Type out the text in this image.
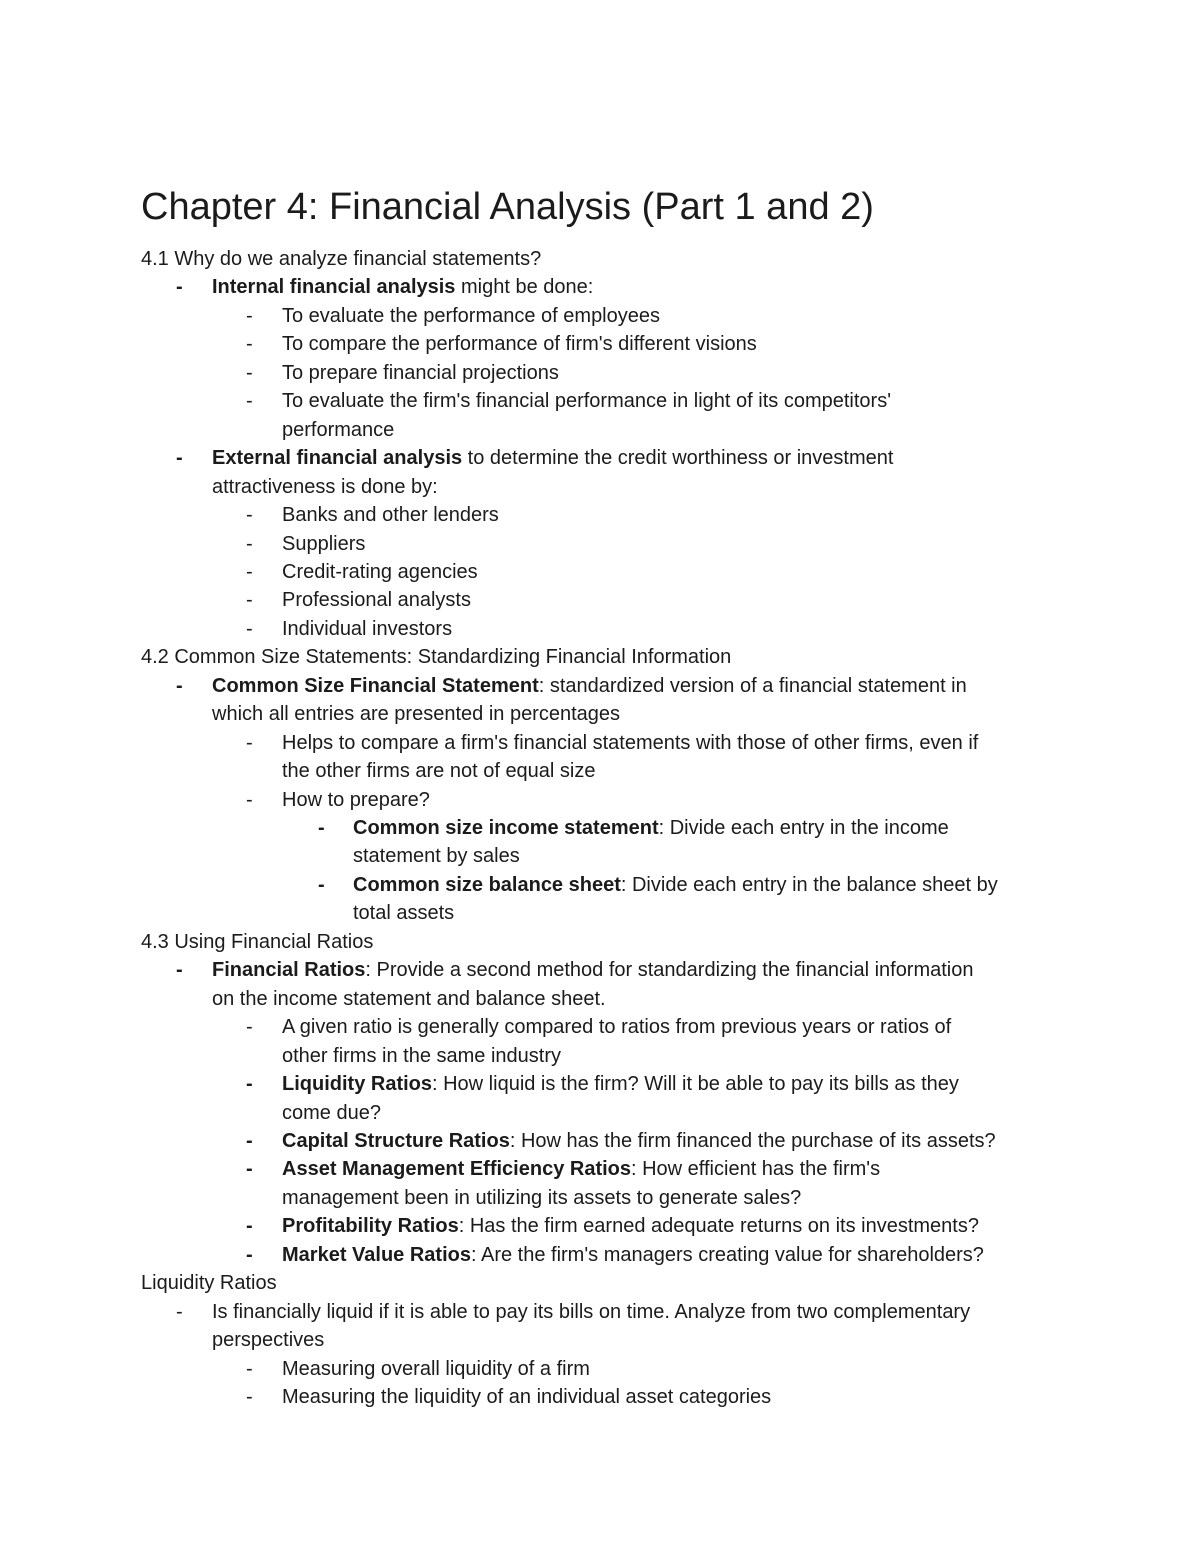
Chapter 4: Financial Analysis (Part 1 and 2)
4.1 Why do we analyze financial statements?
- Internal financial analysis might be done:
- To evaluate the performance of employees
- To compare the performance of firm's different visions
- To prepare financial projections
- To evaluate the firm's financial performance in light of its competitors'
performance
- External financial analysis to determine the credit worthiness or investment
attractiveness is done by:
- Banks and other lenders
- Suppliers
- Credit-rating agencies
- Professional analysts
- Individual investors
4.2 Common Size Statements: Standardizing Financial Information
- Common Size Financial Statement: standardized version of a financial statement in
which all entries are presented in percentages
- Helps to compare a firm's financial statements with those of other firms, even if
the other firms are not of equal size
- How to prepare?
- Common size income statement: Divide each entry in the income
statement by sales
- Common size balance sheet: Divide each entry in the balance sheet by
total assets
4.3 Using Financial Ratios
- Financial Ratios: Provide a second method for standardizing the financial information
on the income statement and balance sheet.
- A given ratio is generally compared to ratios from previous years or ratios of
other firms in the same industry
- Liquidity Ratios: How liquid is the firm? Will it be able to pay its bills as they
come due?
- Capital Structure Ratios: How has the firm financed the purchase of its assets?
- Asset Management Efficiency Ratios: How efficient has the firm's
management been in utilizing its assets to generate sales?
- Profitability Ratios: Has the firm earned adequate returns on its investments?
- Market Value Ratios: Are the firm's managers creating value for shareholders?
Liquidity Ratios
- Is financially liquid if it is able to pay its bills on time. Analyze from two complementary
perspectives
- Measuring overall liquidity of a firm
- Measuring the liquidity of an individual asset categories
